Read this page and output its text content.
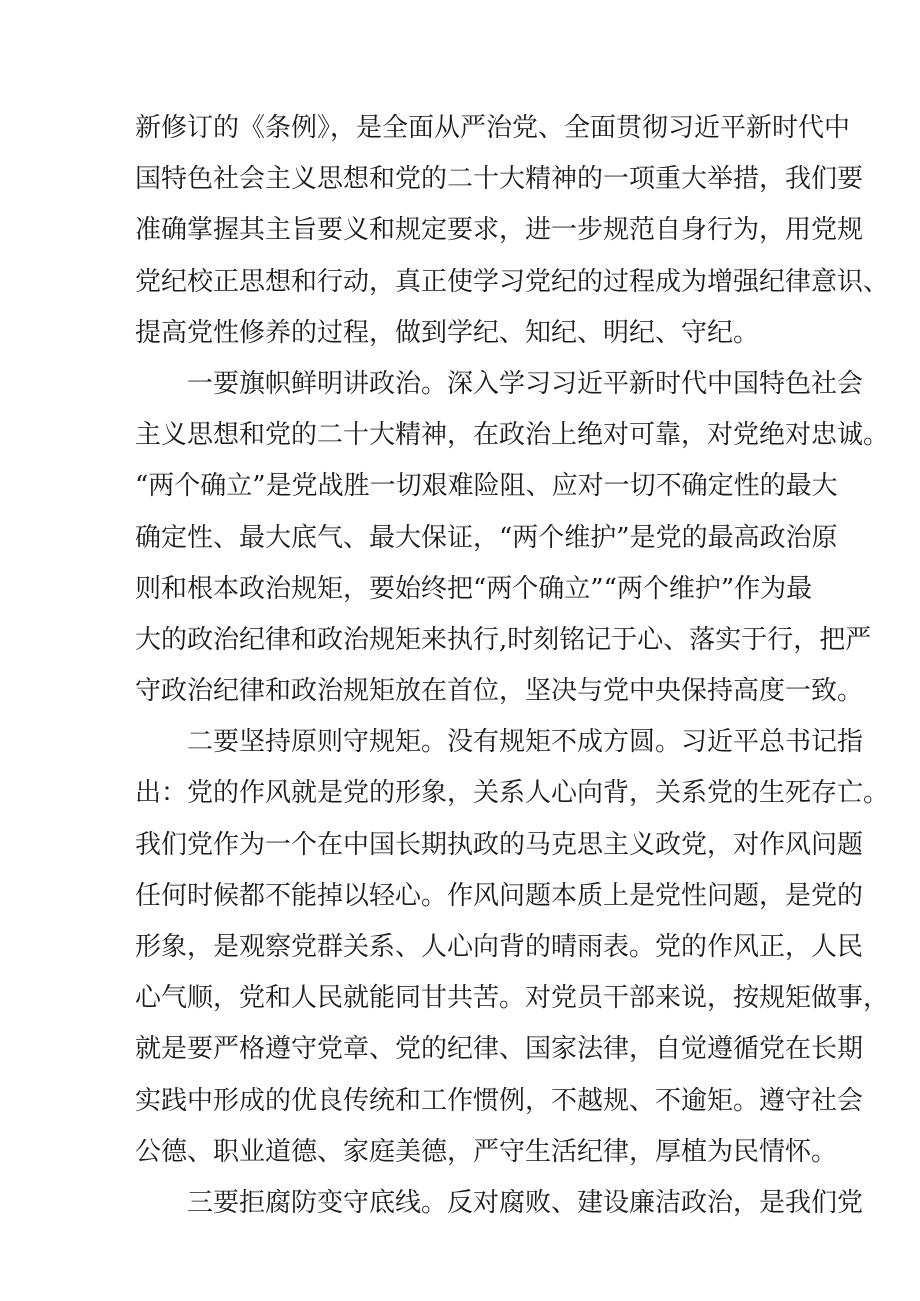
新修订的《条例》，是全面从严治党、全面贯彻习近平新时代中
国特色社会主义思想和党的二十大精神的一项重大举措，我们要
准确掌握其主旨要义和规定要求，进一步规范自身行为，用党规
党纪校正思想和行动，真正使学习党纪的过程成为增强纪律意识、
提高党性修养的过程，做到学纪、知纪、明纪、守纪。
一要旗帜鲜明讲政治。深入学习习近平新时代中国特色社会
主义思想和党的二十大精神，在政治上绝对可靠，对党绝对忠诚。
“两个确立”是党战胜一切艰难险阻、应对一切不确定性的最大
确定性、最大底气、最大保证，“两个维护”是党的最高政治原
则和根本政治规矩，要始终把“两个确立”“两个维护”作为最
大的政治纪律和政治规矩来执行,时刻铭记于心、落实于行，把严
守政治纪律和政治规矩放在首位，坚决与党中央保持高度一致。
二要坚持原则守规矩。没有规矩不成方圆。习近平总书记指
出：党的作风就是党的形象，关系人心向背，关系党的生死存亡。
我们党作为一个在中国长期执政的马克思主义政党，对作风问题
任何时候都不能掉以轻心。作风问题本质上是党性问题，是党的
形象，是观察党群关系、人心向背的晴雨表。党的作风正，人民
心气顺，党和人民就能同甘共苦。对党员干部来说，按规矩做事，
就是要严格遵守党章、党的纪律、国家法律，自觉遵循党在长期
实践中形成的优良传统和工作惯例，不越规、不逾矩。遵守社会
公德、职业道德、家庭美德，严守生活纪律，厚植为民情怀。
三要拒腐防变守底线。反对腐败、建设廉洁政治，是我们党
